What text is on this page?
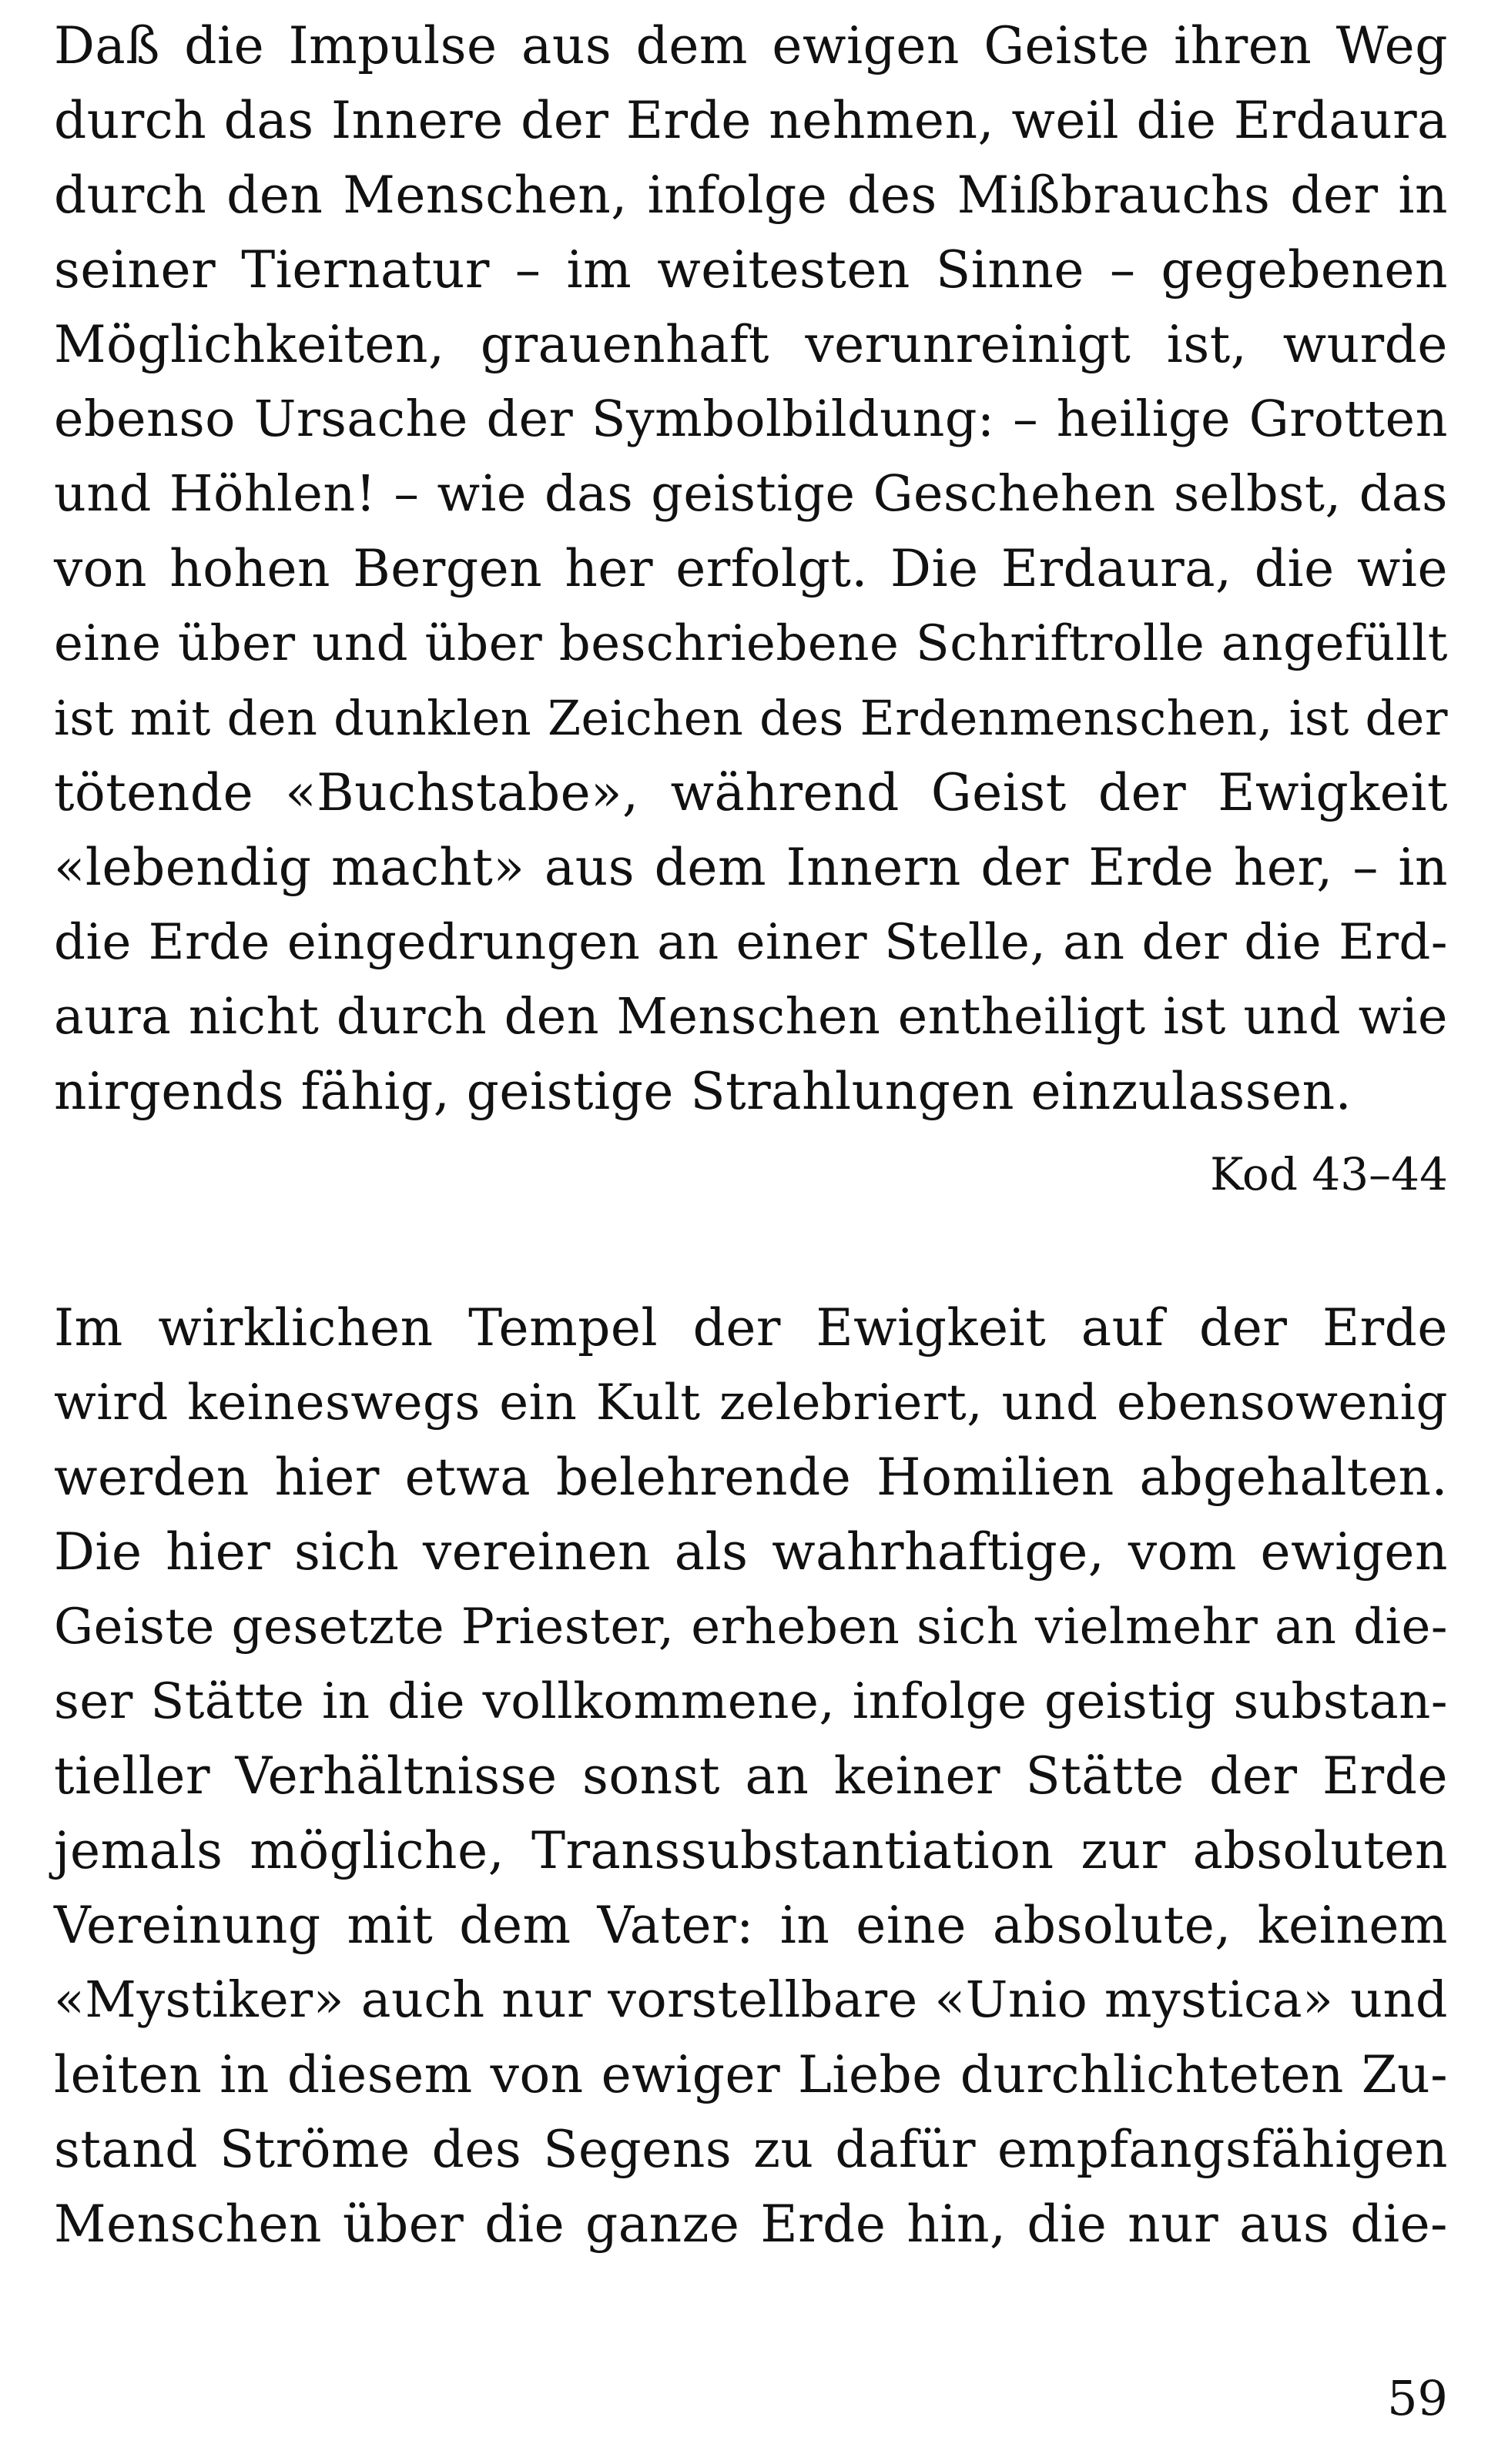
Daß die Impulse aus dem ewigen Geiste ihren Weg
durch das Innere der Erde nehmen, weil die Erdaura
durch den Menschen, infolge des Mißbrauchs der in
seiner Tiernatur – im weitesten Sinne – gegebenen
Möglichkeiten, grauenhaft verunreinigt ist, wurde
ebenso Ursache der Symbolbildung: – heilige Grotten
und Höhlen! – wie das geistige Geschehen selbst, das
von hohen Bergen her erfolgt. Die Erdaura, die wie
eine über und über beschriebene Schriftrolle angefüllt
ist mit den dunklen Zeichen des Erdenmenschen, ist der
tötende «Buchstabe», während Geist der Ewigkeit
«lebendig macht» aus dem Innern der Erde her, – in
die Erde eingedrungen an einer Stelle, an der die Erd-
aura nicht durch den Menschen entheiligt ist und wie
nirgends fähig, geistige Strahlungen einzulassen.
Kod 43–44
Im wirklichen Tempel der Ewigkeit auf der Erde
wird keineswegs ein Kult zelebriert, und ebensowenig
werden hier etwa belehrende Homilien abgehalten.
Die hier sich vereinen als wahrhaftige, vom ewigen
Geiste gesetzte Priester, erheben sich vielmehr an die-
ser Stätte in die vollkommene, infolge geistig substan-
tieller Verhältnisse sonst an keiner Stätte der Erde
jemals mögliche, Transsubstantiation zur absoluten
Vereinung mit dem Vater: in eine absolute, keinem
«Mystiker» auch nur vorstellbare «Unio mystica» und
leiten in diesem von ewiger Liebe durchlichteten Zu-
stand Ströme des Segens zu dafür empfangsfähigen
Menschen über die ganze Erde hin, die nur aus die-
59
